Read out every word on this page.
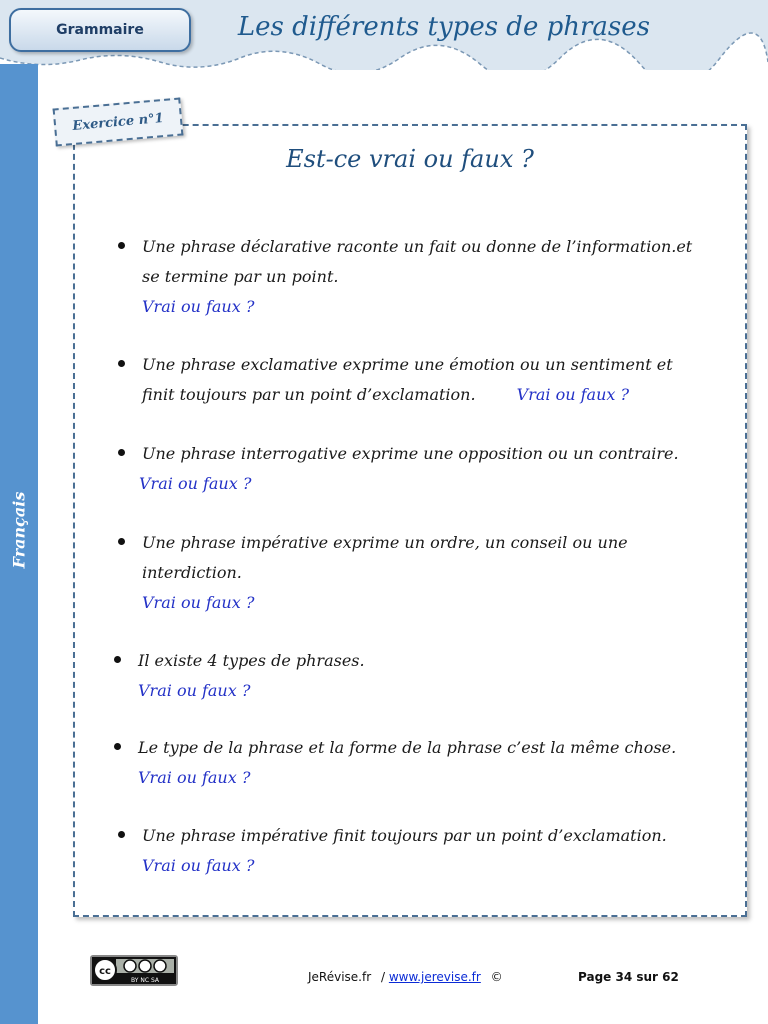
Grammaire	Les différents types de phrases
Français
Exercice n°1
Est-ce vrai ou faux ?
Une phrase déclarative raconte un fait ou donne de l’information.et
se termine par un point.
Vrai ou faux ?
Une phrase exclamative exprime une émotion ou un sentiment et
finit toujours par un point d’exclamation.	Vrai ou faux ?
Une phrase interrogative exprime une opposition ou un contraire.
Vrai ou faux ?
Une phrase impérative exprime un ordre, un conseil ou une
interdiction.
Vrai ou faux ?
Il existe 4 types de phrases.
Vrai ou faux ?
Le type de la phrase et la forme de la phrase c’est la même chose.
Vrai ou faux ?
Une phrase impérative finit toujours par un point d’exclamation.
Vrai ou faux ?
cc
BY NC SA	JeRévise.fr / www.jerevise.fr ©	Page 34 sur 62
